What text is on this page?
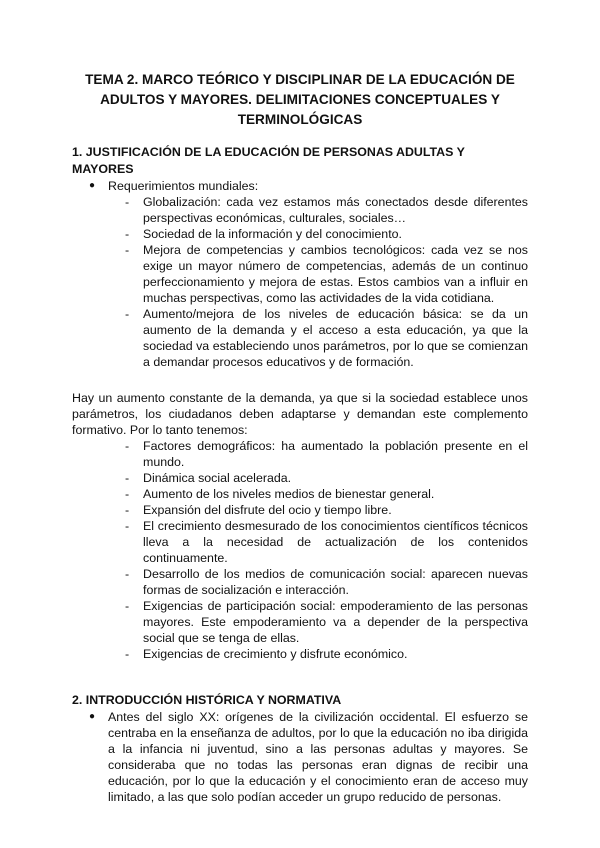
TEMA 2. MARCO TEÓRICO Y DISCIPLINAR DE LA EDUCACIÓN DE
ADULTOS Y MAYORES. DELIMITACIONES CONCEPTUALES Y
TERMINOLÓGICAS
1. JUSTIFICACIÓN DE LA EDUCACIÓN DE PERSONAS ADULTAS Y MAYORES
● Requerimientos mundiales:
- Globalización: cada vez estamos más conectados desde diferentes perspectivas económicas, culturales, sociales…
- Sociedad de la información y del conocimiento.
- Mejora de competencias y cambios tecnológicos: cada vez se nos exige un mayor número de competencias, además de un continuo perfeccionamiento y mejora de estas. Estos cambios van a influir en muchas perspectivas, como las actividades de la vida cotidiana.
- Aumento/mejora de los niveles de educación básica: se da un aumento de la demanda y el acceso a esta educación, ya que la sociedad va estableciendo unos parámetros, por lo que se comienzan a demandar procesos educativos y de formación.

Hay un aumento constante de la demanda, ya que si la sociedad establece unos parámetros, los ciudadanos deben adaptarse y demandan este complemento formativo. Por lo tanto tenemos:

- Factores demográficos: ha aumentado la población presente en el mundo.
- Dinámica social acelerada.
- Aumento de los niveles medios de bienestar general.
- Expansión del disfrute del ocio y tiempo libre.
- El crecimiento desmesurado de los conocimientos científicos técnicos lleva a la necesidad de actualización de los contenidos continuamente.
- Desarrollo de los medios de comunicación social: aparecen nuevas formas de socialización e interacción.
- Exigencias de participación social: empoderamiento de las personas mayores. Este empoderamiento va a depender de la perspectiva social que se tenga de ellas.
- Exigencias de crecimiento y disfrute económico.
2. INTRODUCCIÓN HISTÓRICA Y NORMATIVA
● Antes del siglo XX: orígenes de la civilización occidental. El esfuerzo se centraba en la enseñanza de adultos, por lo que la educación no iba dirigida a la infancia ni juventud, sino a las personas adultas y mayores. Se consideraba que no todas las personas eran dignas de recibir una educación, por lo que la educación y el conocimiento eran de acceso muy limitado, a las que solo podían acceder un grupo reducido de personas.
